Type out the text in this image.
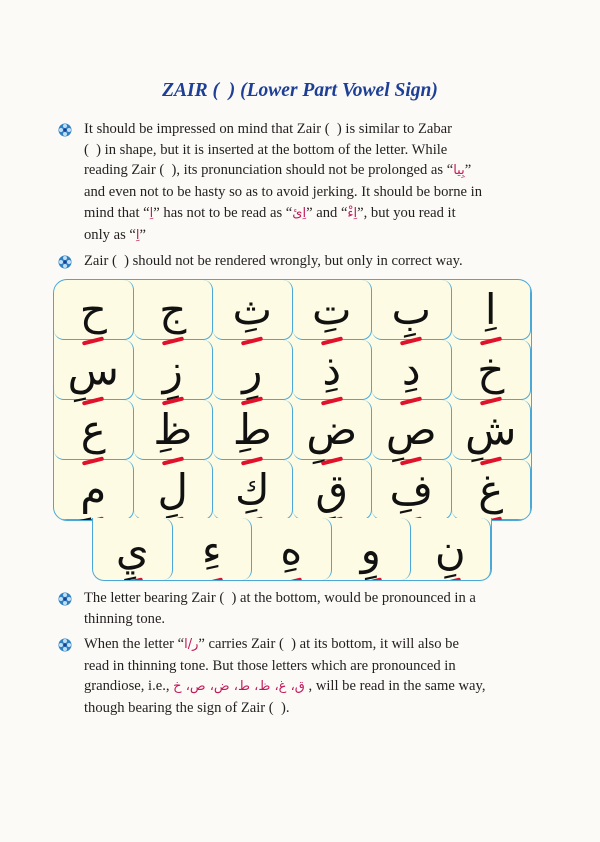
ZAIR (  ) (Lower Part Vowel Sign)
It should be impressed on mind that Zair (  ) is similar to Zabar
(  ) in shape, but it is inserted at the bottom of the letter. While
reading Zair (  ), its pronunciation should not be prolonged as “بِيا”
and even not to be hasty so as to avoid jerking. It should be borne in
mind that “اِ” has not to be read as “اِئ” and “اِءْ”, but you read it
only as “اِ”
Zair (  ) should not be rendered wrongly, but only in correct way.
اِ
بِ
تِ
ثِ
جِ
حِ
خِ
دِ
ذِ
رِ
زِ
سِ
شِ
صِ
ضِ
طِ
ظِ
عِ
غِ
فِ
قِ
كِ
لِ
مِ
نِ
وِ
هِ
ءِ
يِ
The letter bearing Zair (  ) at the bottom, would be pronounced in a
thinning tone.
When the letter “ر/ا” carries Zair (  ) at its bottom, it will also be
read in thinning tone. But those letters which are pronounced in
grandiose, i.e., ق، غ، ظ، ط، ض، ص، خ , will be read in the same way,
though bearing the sign of Zair (  ).
